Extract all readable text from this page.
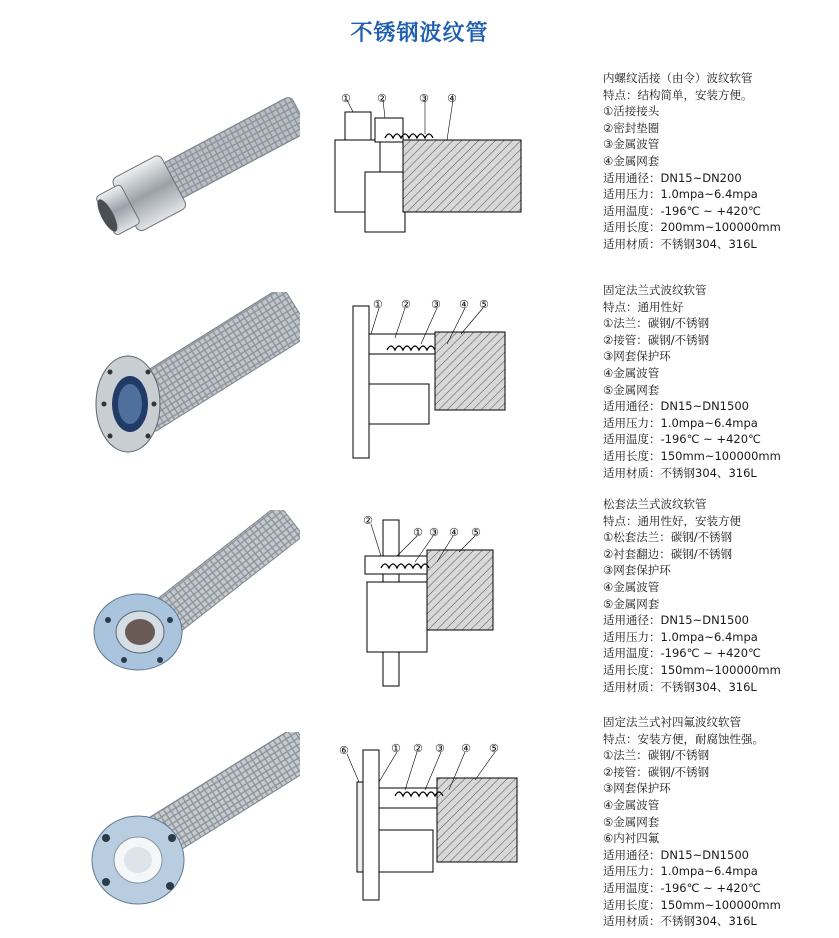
不锈钢波纹管
① ②	③ ④
内螺纹活接（由令）波纹软管
特点：结构简单，安装方便。
①活接接头
②密封垫圈
③金属波管
④金属网套
适用通径：DN15~DN200
适用压力：1.0mpa~6.4mpa
适用温度：-196℃ ~ +420℃
适用长度：200mm~100000mm
适用材质：不锈钢304、316L
① ② ③ ④ ⑤
固定法兰式波纹软管
特点：通用性好
①法兰：碳钢/不锈钢
②接管：碳钢/不锈钢
③网套保护环
④金属波管
⑤金属网套
适用通径：DN15~DN1500
适用压力：1.0mpa~6.4mpa
适用温度：-196℃ ~ +420℃
适用长度：150mm~100000mm
适用材质：不锈钢304、316L
②
① ③ ④ ⑤
松套法兰式波纹软管
特点：通用性好，安装方便
①松套法兰：碳钢/不锈钢
②衬套翻边：碳钢/不锈钢
③网套保护环
④金属波管
⑤金属网套
适用通径：DN15~DN1500
适用压力：1.0mpa~6.4mpa
适用温度：-196℃ ~ +420℃
适用长度：150mm~100000mm
适用材质：不锈钢304、316L
⑥	① ② ③ ④ ⑤
固定法兰式衬四氟波纹软管
特点：安装方便，耐腐蚀性强。
①法兰：碳钢/不锈钢
②接管：碳钢/不锈钢
③网套保护环
④金属波管
⑤金属网套
⑥内衬四氟
适用通径：DN15~DN1500
适用压力：1.0mpa~6.4mpa
适用温度：-196℃ ~ +420℃
适用长度：150mm~100000mm
适用材质：不锈钢304、316L
